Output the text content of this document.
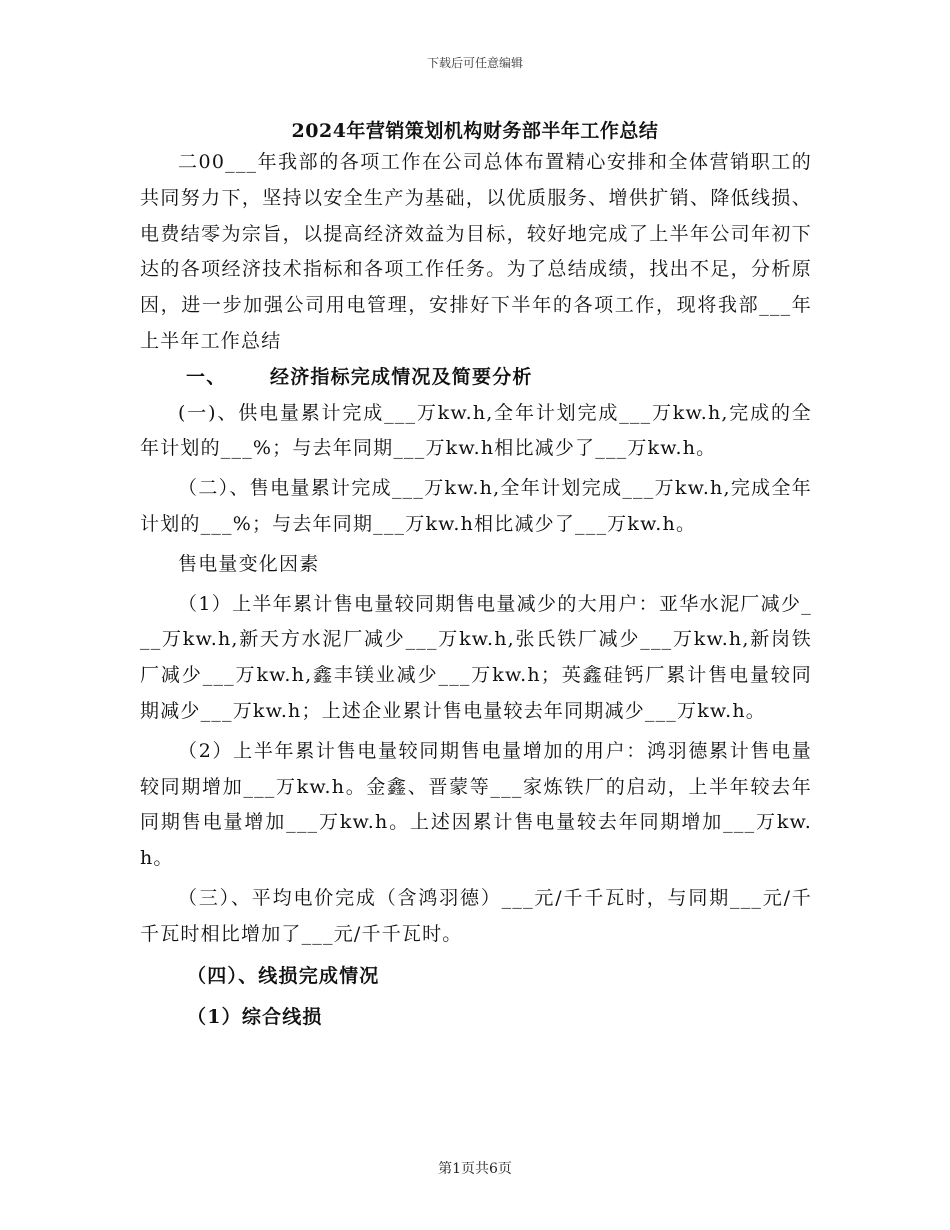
下载后可任意编辑
2024年营销策划机构财务部半年工作总结

二00___年我部的各项工作在公司总体布置精心安排和全体营销职工的共同努力下，坚持以安全生产为基础，以优质服务、增供扩销、降低线损、电费结零为宗旨，以提高经济效益为目标，较好地完成了上半年公司年初下达的各项经济技术指标和各项工作任务。为了总结成绩，找出不足，分析原因，进一步加强公司用电管理，安排好下半年的各项工作，现将我部___年上半年工作总结

一、 经济指标完成情况及简要分析

(一)、供电量累计完成___万kw.h,全年计划完成___万kw.h,完成的全年计划的___%；与去年同期___万kw.h相比减少了___万kw.h。

（二）、售电量累计完成___万kw.h,全年计划完成___万kw.h,完成全年计划的___%；与去年同期___万kw.h相比减少了___万kw.h。

售电量变化因素

（1）上半年累计售电量较同期售电量减少的大用户：亚华水泥厂减少___万kw.h,新天方水泥厂减少___万kw.h,张氏铁厂减少___万kw.h,新岗铁厂减少___万kw.h,鑫丰镁业减少___万kw.h；英鑫硅钙厂累计售电量较同期减少___万kw.h；上述企业累计售电量较去年同期减少___万kw.h。

（2）上半年累计售电量较同期售电量增加的用户：鸿羽德累计售电量较同期增加___万kw.h。金鑫、晋蒙等___家炼铁厂的启动，上半年较去年同期售电量增加___万kw.h。上述因累计售电量较去年同期增加___万kw.h。

（三）、平均电价完成（含鸿羽德）___元/千千瓦时，与同期___元/千千瓦时相比增加了___元/千千瓦时。

（四）、线损完成情况

（1）综合线损

第1页共6页
